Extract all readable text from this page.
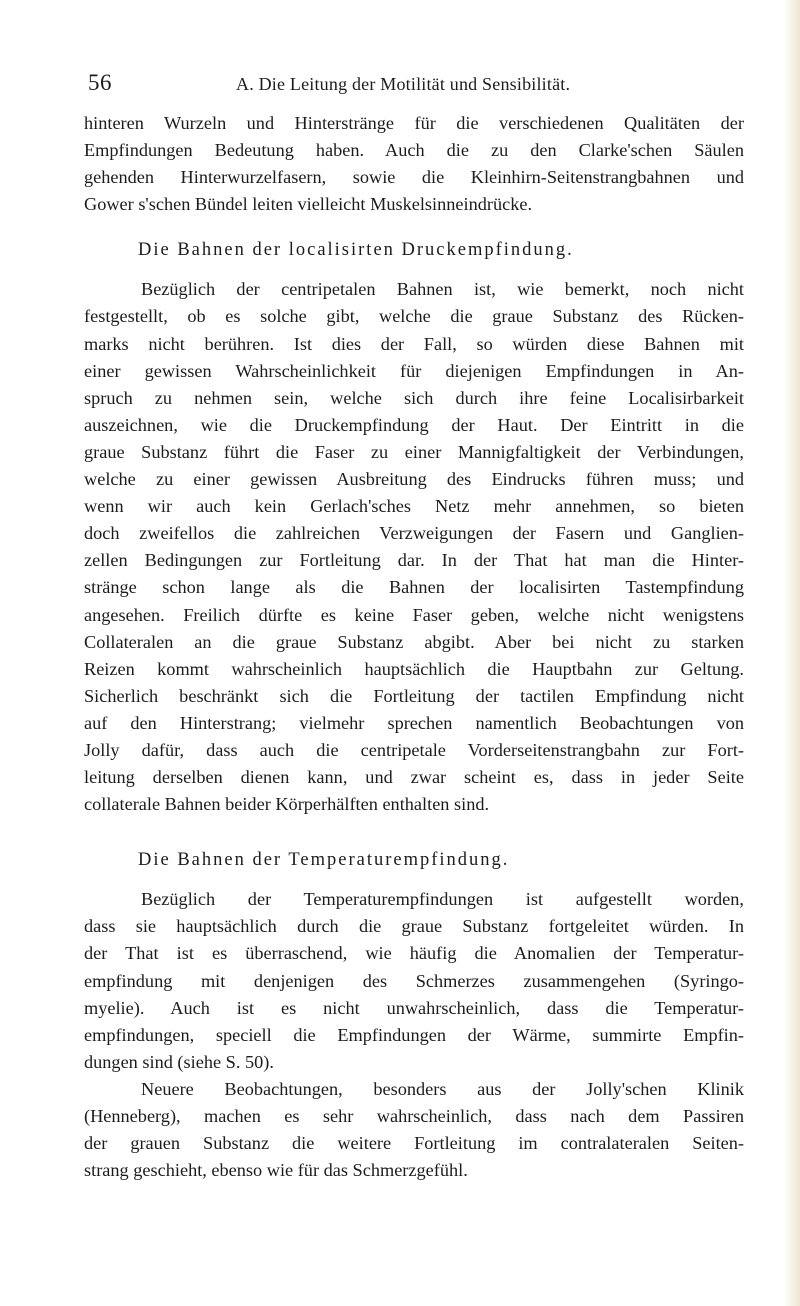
56	A. Die Leitung der Motilität und Sensibilität.

hinteren Wurzeln und Hinterstränge für die verschiedenen Qualitäten der

Empfindungen Bedeutung haben. Auch die zu den Clarke'schen Säulen

gehenden Hinterwurzelfasern, sowie die Kleinhirn-Seitenstrangbahnen und

Gower s'schen Bündel leiten vielleicht Muskelsinneindrücke.

Die Bahnen der localisirten Druckempfindung.

Bezüglich der centripetalen Bahnen ist, wie bemerkt, noch nicht

festgestellt, ob es solche gibt, welche die graue Substanz des Rücken-

marks nicht berühren. Ist dies der Fall, so würden diese Bahnen mit

einer gewissen Wahrscheinlichkeit für diejenigen Empfindungen in An-

spruch zu nehmen sein, welche sich durch ihre feine Localisirbarkeit

auszeichnen, wie die Druckempfindung der Haut. Der Eintritt in die

graue Substanz führt die Faser zu einer Mannigfaltigkeit der Verbindungen,

welche zu einer gewissen Ausbreitung des Eindrucks führen muss; und

wenn wir auch kein Gerlach'sches Netz mehr annehmen, so bieten

doch zweifellos die zahlreichen Verzweigungen der Fasern und Ganglien-

zellen Bedingungen zur Fortleitung dar. In der That hat man die Hinter-

stränge schon lange als die Bahnen der localisirten Tastempfindung

angesehen. Freilich dürfte es keine Faser geben, welche nicht wenigstens

Collateralen an die graue Substanz abgibt. Aber bei nicht zu starken

Reizen kommt wahrscheinlich hauptsächlich die Hauptbahn zur Geltung.

Sicherlich beschränkt sich die Fortleitung der tactilen Empfindung nicht

auf den Hinterstrang; vielmehr sprechen namentlich Beobachtungen von

Jolly dafür, dass auch die centripetale Vorderseitenstrangbahn zur Fort-

leitung derselben dienen kann, und zwar scheint es, dass in jeder Seite

collaterale Bahnen beider Körperhälften enthalten sind.

Die Bahnen der Temperaturempfindung.

Bezüglich der Temperaturempfindungen ist aufgestellt worden,

dass sie hauptsächlich durch die graue Substanz fortgeleitet würden. In

der That ist es überraschend, wie häufig die Anomalien der Temperatur-

empfindung mit denjenigen des Schmerzes zusammengehen (Syringo-

myelie). Auch ist es nicht unwahrscheinlich, dass die Temperatur-

empfindungen, speciell die Empfindungen der Wärme, summirte Empfin-

dungen sind (siehe S. 50).

Neuere Beobachtungen, besonders aus der Jolly'schen Klinik

(Henneberg), machen es sehr wahrscheinlich, dass nach dem Passiren

der grauen Substanz die weitere Fortleitung im contralateralen Seiten-

strang geschieht, ebenso wie für das Schmerzgefühl.
